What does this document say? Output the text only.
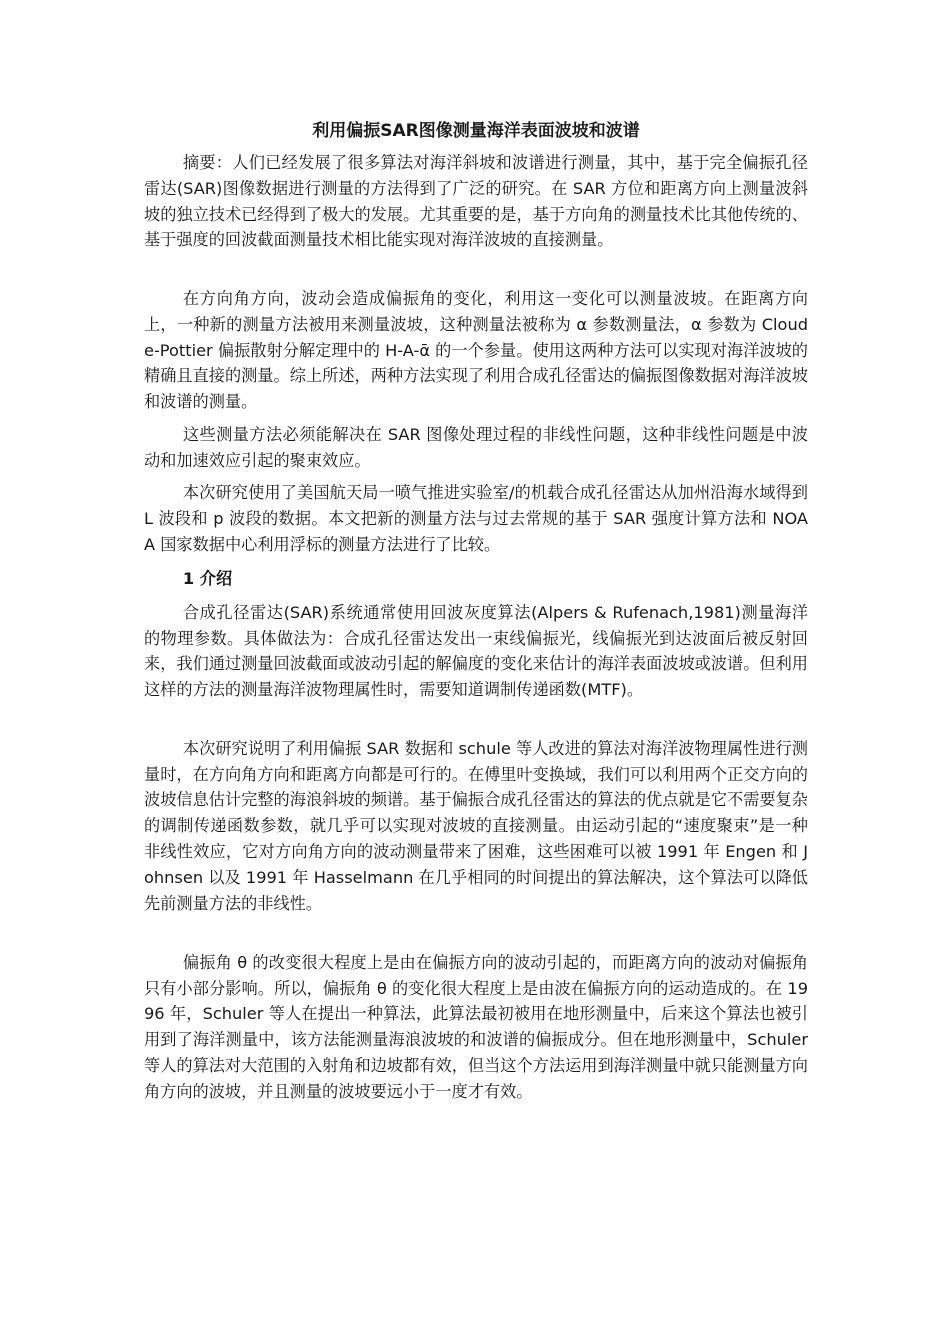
利用偏振SAR图像测量海洋表面波坡和波谱

摘要：人们已经发展了很多算法对海洋斜坡和波谱进行测量，其中，基于完全偏振孔径雷达(SAR)图像数据进行测量的方法得到了广泛的研究。在 SAR 方位和距离方向上测量波斜坡的独立技术已经得到了极大的发展。尤其重要的是，基于方向角的测量技术比其他传统的、基于强度的回波截面测量技术相比能实现对海洋波坡的直接测量。

在方向角方向，波动会造成偏振角的变化，利用这一变化可以测量波坡。在距离方向上，一种新的测量方法被用来测量波坡，这种测量法被称为 α 参数测量法，α 参数为 Cloude-Pottier 偏振散射分解定理中的 H-A-ᾱ 的一个参量。使用这两种方法可以实现对海洋波坡的精确且直接的测量。综上所述，两种方法实现了利用合成孔径雷达的偏振图像数据对海洋波坡和波谱的测量。

这些测量方法必须能解决在 SAR 图像处理过程的非线性问题，这种非线性问题是中波动和加速效应引起的聚束效应。

本次研究使用了美国航天局一喷气推进实验室/的机载合成孔径雷达从加州沿海水域得到 L 波段和 p 波段的数据。本文把新的测量方法与过去常规的基于 SAR 强度计算方法和 NOAA 国家数据中心利用浮标的测量方法进行了比较。

1 介绍

合成孔径雷达(SAR)系统通常使用回波灰度算法(Alpers & Rufenach,1981)测量海洋的物理参数。具体做法为：合成孔径雷达发出一束线偏振光，线偏振光到达波面后被反射回来，我们通过测量回波截面或波动引起的解偏度的变化来估计的海洋表面波坡或波谱。但利用这样的方法的测量海洋波物理属性时，需要知道调制传递函数(MTF)。

本次研究说明了利用偏振 SAR 数据和 schule 等人改进的算法对海洋波物理属性进行测量时，在方向角方向和距离方向都是可行的。在傅里叶变换域，我们可以利用两个正交方向的波坡信息估计完整的海浪斜坡的频谱。基于偏振合成孔径雷达的算法的优点就是它不需要复杂的调制传递函数参数，就几乎可以实现对波坡的直接测量。由运动引起的“速度聚束”是一种非线性效应，它对方向角方向的波动测量带来了困难，这些困难可以被 1991 年 Engen 和 Johnsen 以及 1991 年 Hasselmann 在几乎相同的时间提出的算法解决，这个算法可以降低先前测量方法的非线性。

偏振角 θ 的改变很大程度上是由在偏振方向的波动引起的，而距离方向的波动对偏振角只有小部分影响。所以，偏振角 θ 的变化很大程度上是由波在偏振方向的运动造成的。在 1996 年，Schuler 等人在提出一种算法，此算法最初被用在地形测量中，后来这个算法也被引用到了海洋测量中，该方法能测量海浪波坡的和波谱的偏振成分。但在地形测量中，Schuler 等人的算法对大范围的入射角和边坡都有效，但当这个方法运用到海洋测量中就只能测量方向角方向的波坡，并且测量的波坡要远小于一度才有效。
